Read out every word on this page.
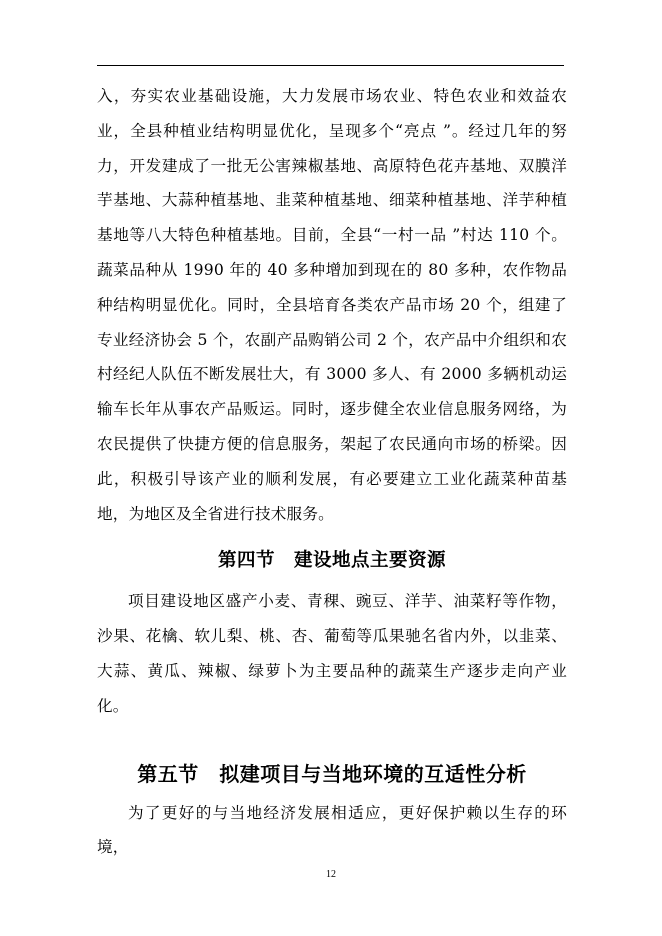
入，夯实农业基础设施，大力发展市场农业、特色农业和效益农业，全县种植业结构明显优化，呈现多个“亮点 ”。经过几年的努力，开发建成了一批无公害辣椒基地、高原特色花卉基地、双膜洋芋基地、大蒜种植基地、韭菜种植基地、细菜种植基地、洋芋种植基地等八大特色种植基地。目前，全县“一村一品 ”村达 110 个。蔬菜品种从 1990 年的 40 多种增加到现在的 80 多种，农作物品种结构明显优化。同时，全县培育各类农产品市场 20 个，组建了专业经济协会 5 个，农副产品购销公司 2 个，农产品中介组织和农村经纪人队伍不断发展壮大，有 3000 多人、有 2000 多辆机动运输车长年从事农产品贩运。同时，逐步健全农业信息服务网络，为农民提供了快捷方便的信息服务，架起了农民通向市场的桥梁。因此，积极引导该产业的顺利发展，有必要建立工业化蔬菜种苗基地，为地区及全省进行技术服务。

第四节　建设地点主要资源

项目建设地区盛产小麦、青稞、豌豆、洋芋、油菜籽等作物，沙果、花檎、软儿梨、桃、杏、葡萄等瓜果驰名省内外，以韭菜、大蒜、黄瓜、辣椒、绿萝卜为主要品种的蔬菜生产逐步走向产业化。

第五节　拟建项目与当地环境的互适性分析

为了更好的与当地经济发展相适应，更好保护赖以生存的环境，

12
